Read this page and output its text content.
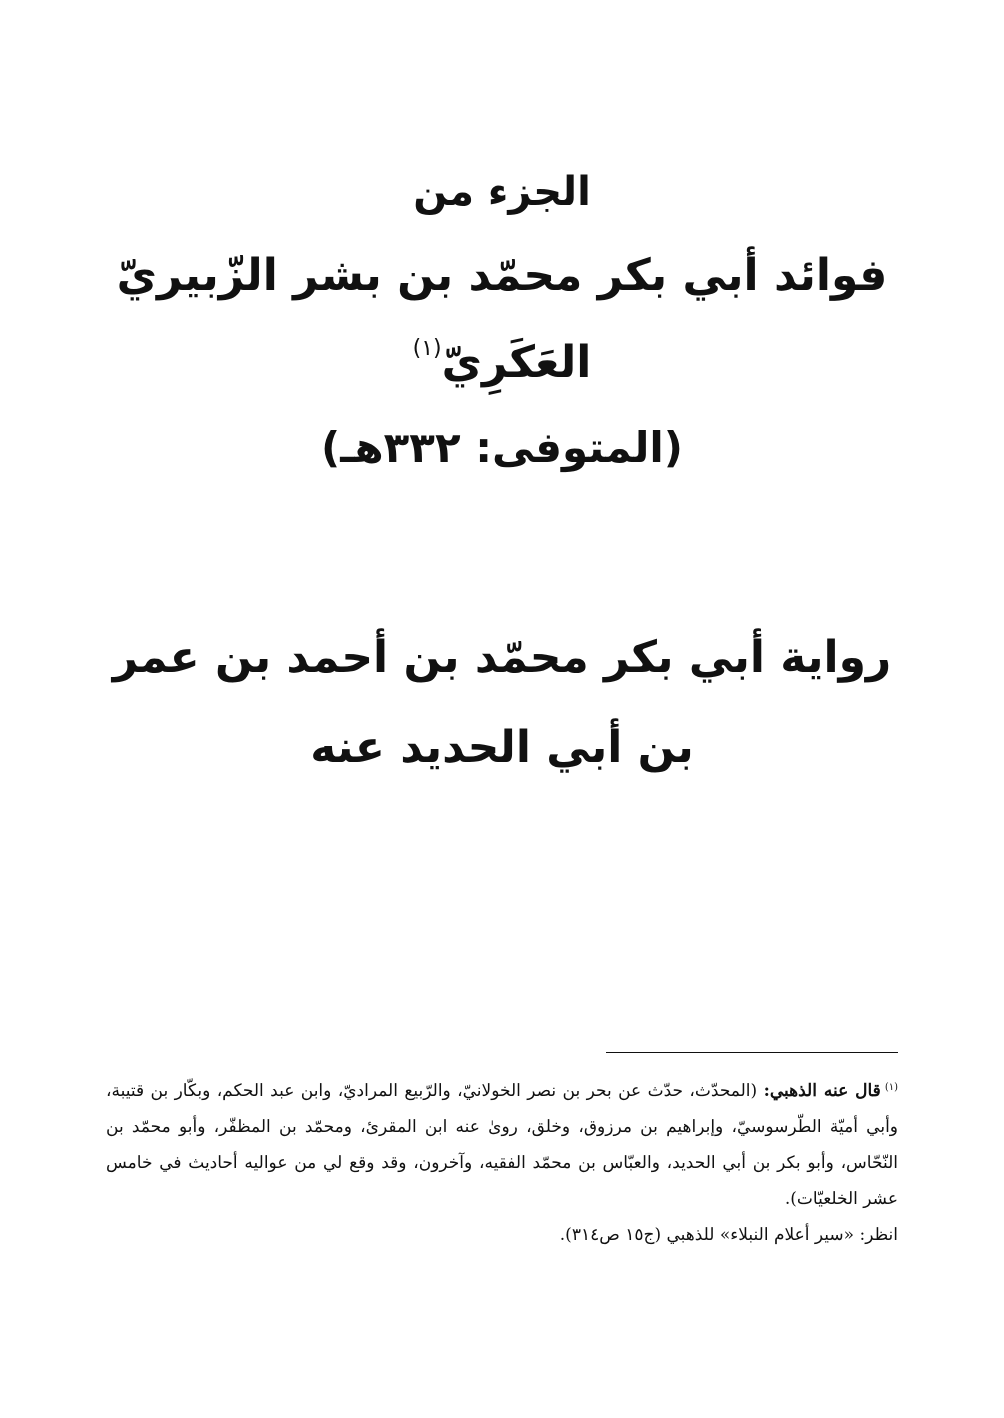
الجزء من

فوائد أبي بكر محمّد بن بشر الزّبيريّ

العَكَرِيّ$^{(١)}$

(المتوفى: ٣٣٢هـ)

رواية أبي بكر محمّد بن أحمد بن عمر

بن أبي الحديد عنه

$^{(١)}$قال عنه الذهبي: (المحدّث، حدّث عن بحر بن نصر الخولانيّ، والرّبيع المراديّ، وابن عبد الحكم، وبكّار بن قتيبة، وأبي أميّة الطّرسوسيّ، وإبراهيم بن مرزوق، وخلق، روىٰ عنه ابن المقرئ، ومحمّد بن المظفّر، وأبو محمّد بن النّحّاس، وأبو بكر بن أبي الحديد، والعبّاس بن محمّد الفقيه، وآخرون، وقد وقع لي من عواليه أحاديث في خامس عشر الخلعيّات).

انظر: «سير أعلام النبلاء» للذهبي (ج١٥ ص٣١٤).
